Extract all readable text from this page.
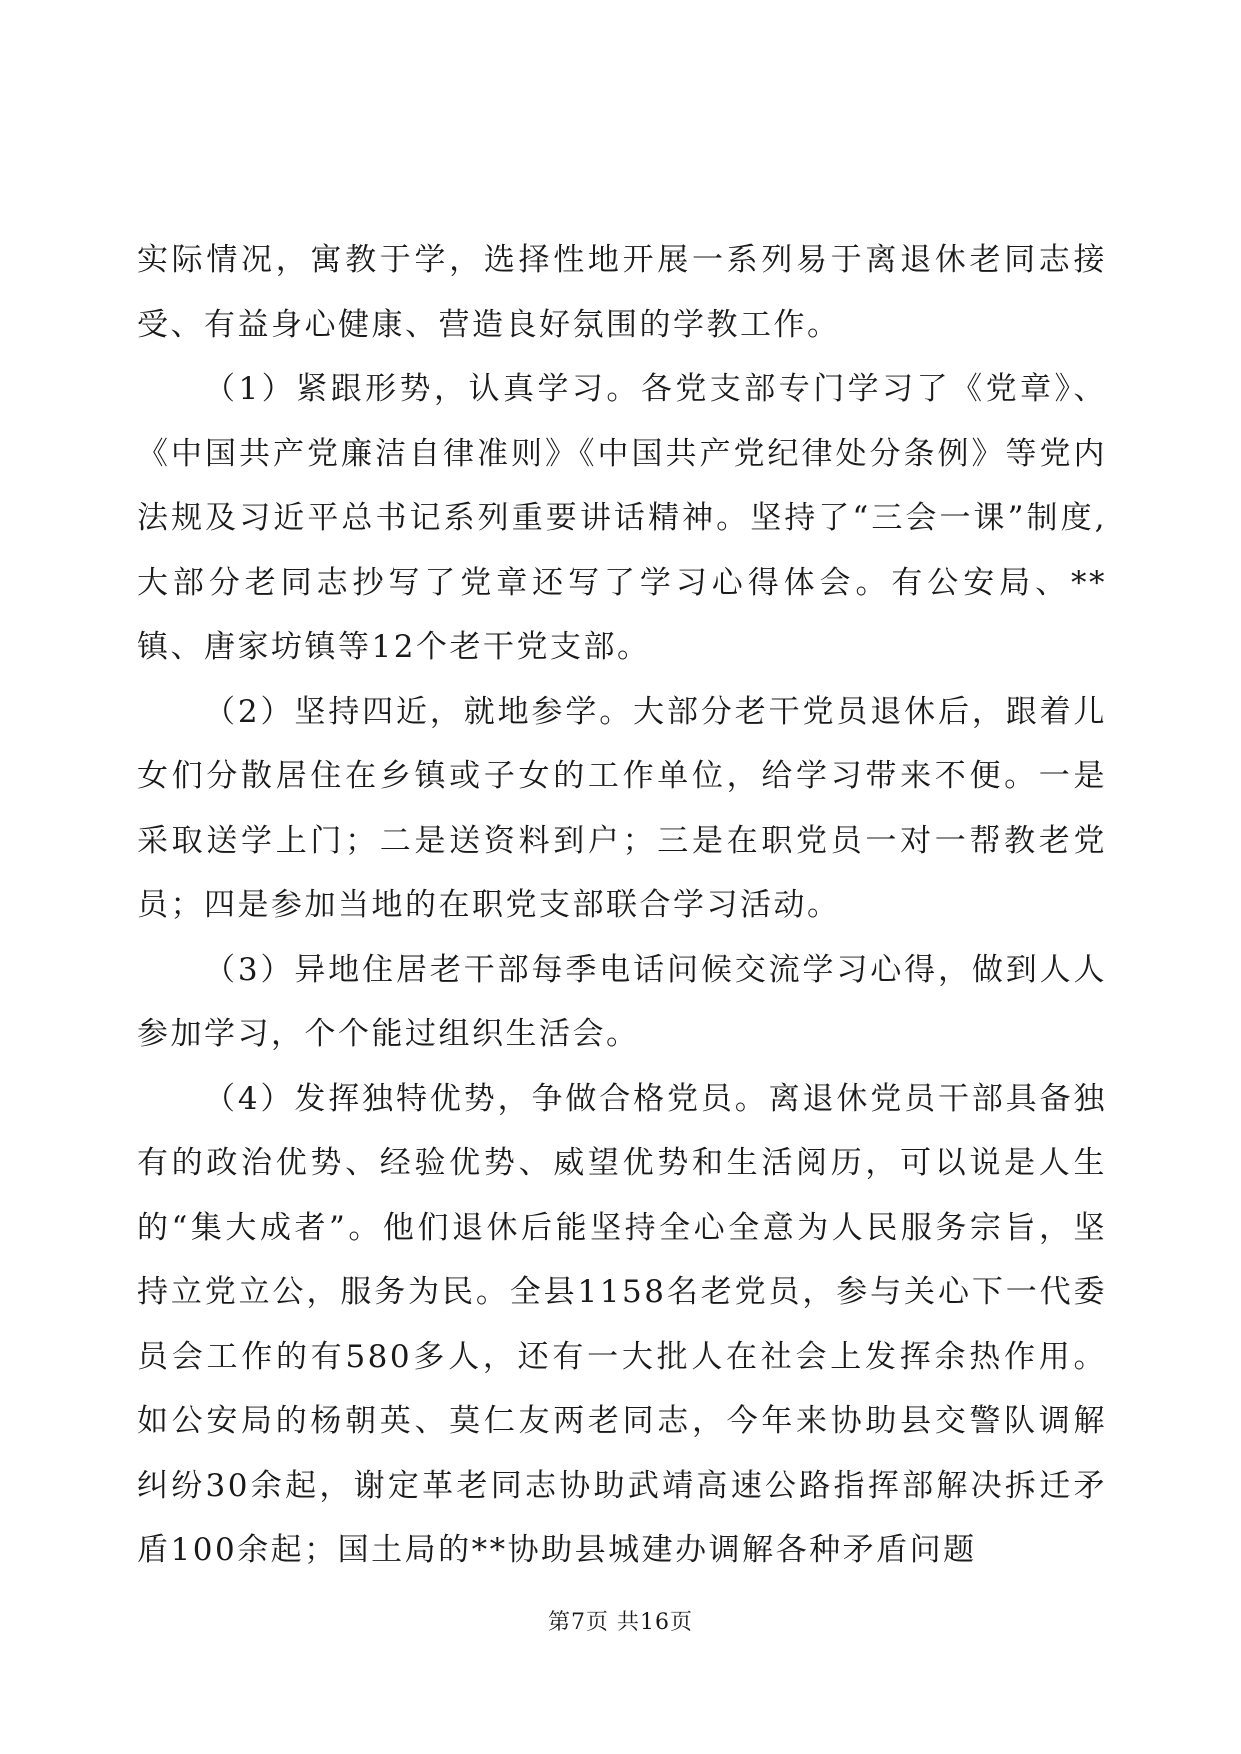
实际情况，寓教于学，选择性地开展一系列易于离退休老同志接受、有益身心健康、营造良好氛围的学教工作。

（1）紧跟形势，认真学习。各党支部专门学习了《党章》、《中国共产党廉洁自律准则》《中国共产党纪律处分条例》等党内法规及习近平总书记系列重要讲话精神。坚持了“三会一课”制度,大部分老同志抄写了党章还写了学习心得体会。有公安局、**镇、唐家坊镇等12个老干党支部。

（2）坚持四近，就地参学。大部分老干党员退休后，跟着儿女们分散居住在乡镇或子女的工作单位，给学习带来不便。一是采取送学上门；二是送资料到户；三是在职党员一对一帮教老党员；四是参加当地的在职党支部联合学习活动。

（3）异地住居老干部每季电话问候交流学习心得，做到人人参加学习，个个能过组织生活会。

（4）发挥独特优势，争做合格党员。离退休党员干部具备独有的政治优势、经验优势、威望优势和生活阅历，可以说是人生的“集大成者”。他们退休后能坚持全心全意为人民服务宗旨，坚持立党立公，服务为民。全县1158名老党员，参与关心下一代委员会工作的有580多人，还有一大批人在社会上发挥余热作用。如公安局的杨朝英、莫仁友两老同志，今年来协助县交警队调解纠纷30余起，谢定革老同志协助武靖高速公路指挥部解决拆迁矛盾100余起；国土局的**协助县城建办调解各种矛盾问题

第7页 共16页
